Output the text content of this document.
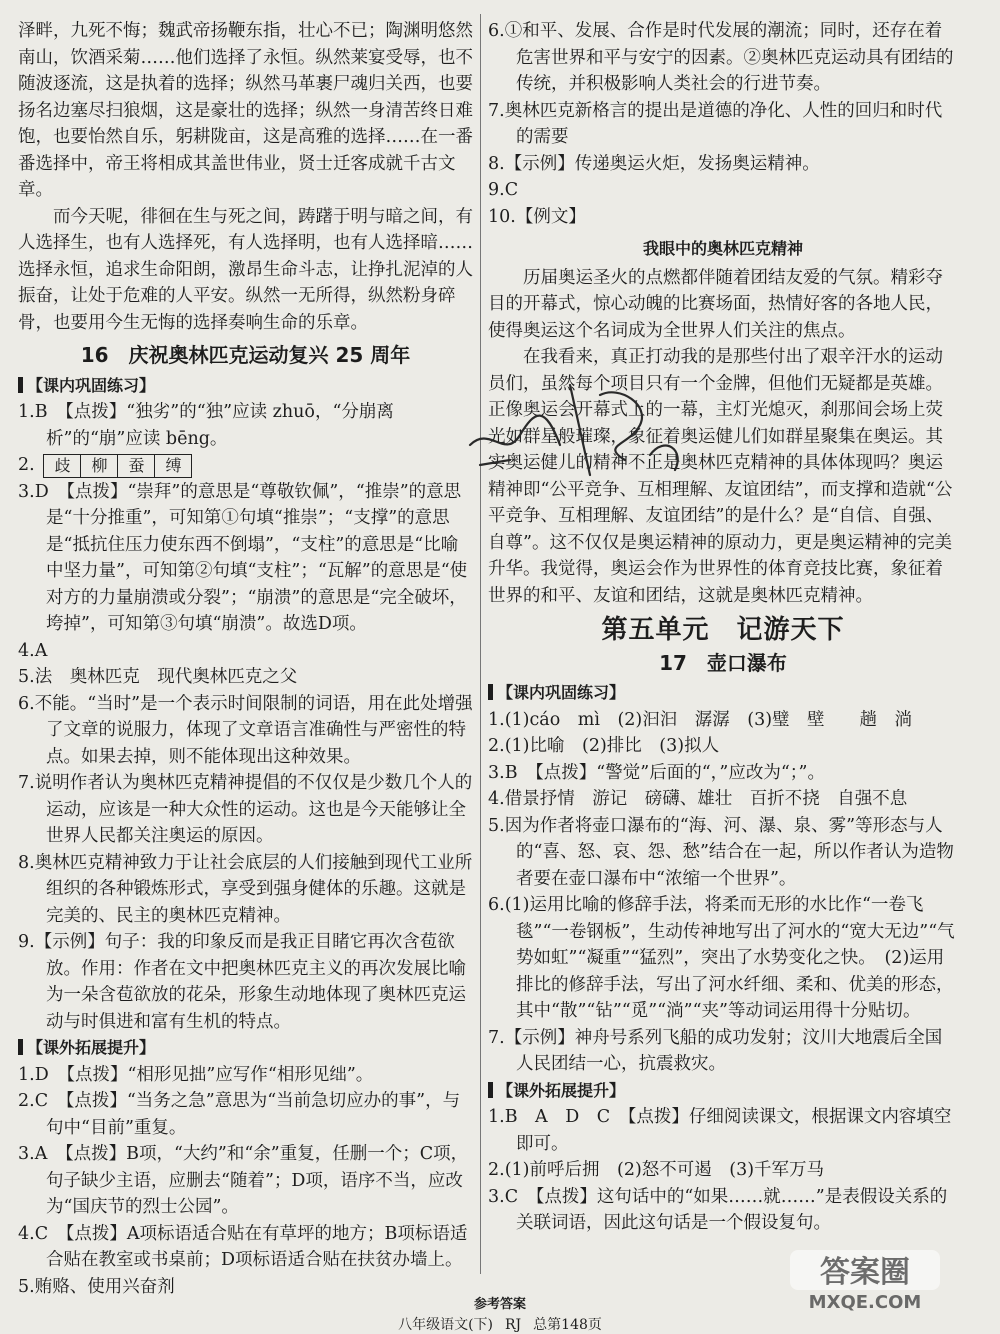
泽畔，九死不悔；魏武帝扬鞭东指，壮心不已；陶渊明悠然南山，饮酒采菊……他们选择了永恒。纵然莱宴受辱，也不随波逐流，这是执着的选择；纵然马革裹尸魂归关西，也要扬名边塞尽扫狼烟，这是豪壮的选择；纵然一身清苦终日难饱，也要怡然自乐，躬耕陇亩，这是高雅的选择……在一番番选择中，帝王将相成其盖世伟业，贤士迁客成就千古文章。

而今天呢，徘徊在生与死之间，踌躇于明与暗之间，有人选择生，也有人选择死，有人选择明，也有人选择暗……选择永恒，追求生命阳朗，激昂生命斗志，让挣扎泥淖的人振奋，让处于危难的人平安。纵然一无所得，纵然粉身碎骨，也要用今生无悔的选择奏响生命的乐章。

16　庆祝奥林匹克运动复兴 25 周年
【课内巩固练习】

1.B　【点拨】“独劣”的“独”应读 zhuō，“分崩离析”的“崩”应读 bēng。

2.	歧	柳	蚕	缚

3.D　【点拨】“崇拜”的意思是“尊敬钦佩”，“推崇”的意思是“十分推重”，可知第①句填“推崇”；“支撑”的意思是“抵抗住压力使东西不倒塌”，“支柱”的意思是“比喻中坚力量”，可知第②句填“支柱”；“瓦解”的意思是“使对方的力量崩溃或分裂”；“崩溃”的意思是“完全破坏，垮掉”，可知第③句填“崩溃”。故选D项。

4.A

5.法　奥林匹克　现代奥林匹克之父

6.不能。“当时”是一个表示时间限制的词语，用在此处增强了文章的说服力，体现了文章语言准确性与严密性的特点。如果去掉，则不能体现出这种效果。

7.说明作者认为奥林匹克精神提倡的不仅仅是少数几个人的运动，应该是一种大众性的运动。这也是今天能够让全世界人民都关注奥运的原因。

8.奥林匹克精神致力于让社会底层的人们接触到现代工业所组织的各种锻炼形式，享受到强身健体的乐趣。这就是完美的、民主的奥林匹克精神。

9.【示例】句子：我的印象反而是我正目睹它再次含苞欲放。作用：作者在文中把奥林匹克主义的再次发展比喻为一朵含苞欲放的花朵，形象生动地体现了奥林匹克运动与时俱进和富有生机的特点。

【课外拓展提升】

1.D　【点拨】“相形见拙”应写作“相形见绌”。

2.C　【点拨】“当务之急”意思为“当前急切应办的事”，与句中“目前”重复。

3.A　【点拨】B项，“大约”和“余”重复，任删一个；C项，句子缺少主语，应删去“随着”；D项，语序不当，应改为“国庆节的烈士公园”。

4.C　【点拨】A项标语适合贴在有草坪的地方；B项标语适合贴在教室或书桌前；D项标语适合贴在扶贫办墙上。

5.贿赂、使用兴奋剂

6.①和平、发展、合作是时代发展的潮流；同时，还存在着危害世界和平与安宁的因素。②奥林匹克运动具有团结的传统，并积极影响人类社会的行进节奏。

7.奥林匹克新格言的提出是道德的净化、人性的回归和时代的需要

8.【示例】传递奥运火炬，发扬奥运精神。

9.C

10.【例文】

我眼中的奥林匹克精神

历届奥运圣火的点燃都伴随着团结友爱的气氛。精彩夺目的开幕式，惊心动魄的比赛场面，热情好客的各地人民，使得奥运这个名词成为全世界人们关注的焦点。

在我看来，真正打动我的是那些付出了艰辛汗水的运动员们，虽然每个项目只有一个金牌，但他们无疑都是英雄。正像奥运会开幕式上的一幕，主灯光熄灭，刹那间会场上荧光如群星般璀璨，象征着奥运健儿们如群星聚集在奥运。其实奥运健儿的精神不正是奥林匹克精神的具体体现吗？奥运精神即“公平竞争、互相理解、友谊团结”，而支撑和造就“公平竞争、互相理解、友谊团结”的是什么？是“自信、自强、自尊”。这不仅仅是奥运精神的原动力，更是奥运精神的完美升华。我觉得，奥运会作为世界性的体育竞技比赛，象征着世界的和平、友谊和团结，这就是奥林匹克精神。

第五单元　记游天下
17　壶口瀑布
【课内巩固练习】

1.(1)cáo　mì　(2)汩汩　潺潺　(3)璧　壁　　趟　淌

2.(1)比喻　(2)排比　(3)拟人

3.B　【点拨】“警觉”后面的“，”应改为“；”。

4.借景抒情　游记　磅礴、雄壮　百折不挠　自强不息

5.因为作者将壶口瀑布的“海、河、瀑、泉、雾”等形态与人的“喜、怒、哀、怨、愁”结合在一起，所以作者认为造物者要在壶口瀑布中“浓缩一个世界”。

6.(1)运用比喻的修辞手法，将柔而无形的水比作“一卷飞毯”“一卷钢板”，生动传神地写出了河水的“宽大无边”“气势如虹”“凝重”“猛烈”，突出了水势变化之快。　(2)运用排比的修辞手法，写出了河水纤细、柔和、优美的形态，其中“散”“钻”“觅”“淌”“夹”等动词运用得十分贴切。

7.【示例】神舟号系列飞船的成功发射；汶川大地震后全国人民团结一心，抗震救灾。

【课外拓展提升】

1.B　A　D　C　【点拨】仔细阅读课文，根据课文内容填空即可。

2.(1)前呼后拥　(2)怒不可遏　(3)千军万马

3.C　【点拨】这句话中的“如果……就……”是表假设关系的关联词语，因此这句话是一个假设复句。

答案圈
MXQE.COM
参考答案
八年级语文(下) RJ 总第148页
